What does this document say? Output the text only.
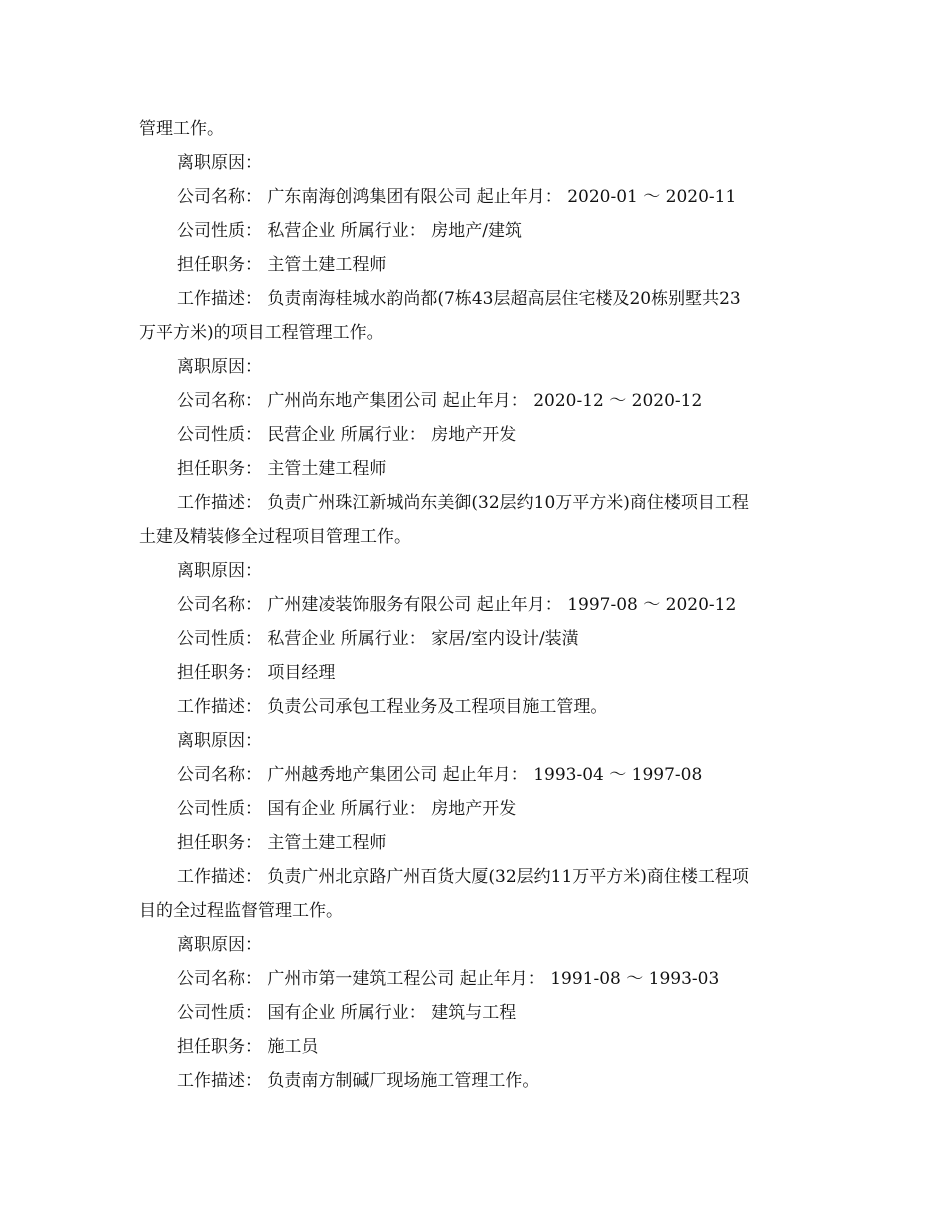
管理工作。
离职原因：
公司名称： 广东南海创鸿集团有限公司 起止年月： 2020-01 ～ 2020-11
公司性质： 私营企业 所属行业： 房地产/建筑
担任职务： 主管土建工程师
工作描述： 负责南海桂城水韵尚都(7栋43层超高层住宅楼及20栋别墅共23
万平方米)的项目工程管理工作。
离职原因：
公司名称： 广州尚东地产集团公司 起止年月： 2020-12 ～ 2020-12
公司性质： 民营企业 所属行业： 房地产开发
担任职务： 主管土建工程师
工作描述： 负责广州珠江新城尚东美御(32层约10万平方米)商住楼项目工程
土建及精装修全过程项目管理工作。
离职原因：
公司名称： 广州建凌装饰服务有限公司 起止年月： 1997-08 ～ 2020-12
公司性质： 私营企业 所属行业： 家居/室内设计/装潢
担任职务： 项目经理
工作描述： 负责公司承包工程业务及工程项目施工管理。
离职原因：
公司名称： 广州越秀地产集团公司 起止年月： 1993-04 ～ 1997-08
公司性质： 国有企业 所属行业： 房地产开发
担任职务： 主管土建工程师
工作描述： 负责广州北京路广州百货大厦(32层约11万平方米)商住楼工程项
目的全过程监督管理工作。
离职原因：
公司名称： 广州市第一建筑工程公司 起止年月： 1991-08 ～ 1993-03
公司性质： 国有企业 所属行业： 建筑与工程
担任职务： 施工员
工作描述： 负责南方制碱厂现场施工管理工作。
